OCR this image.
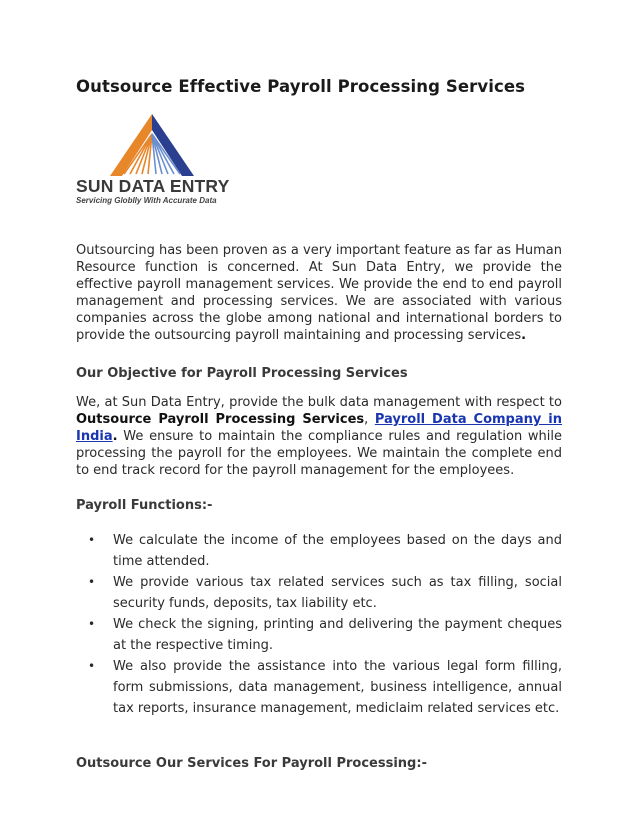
Outsource Effective Payroll Processing Services
SUN DATA ENTRY
Servicing Globlly With Accurate Data

Outsourcing has been proven as a very important feature as far as Human Resource function is concerned. At Sun Data Entry, we provide the effective payroll management services. We provide the end to end payroll management and processing services. We are associated with various companies across the globe among national and international borders to provide the outsourcing payroll maintaining and processing services.

Our Objective for Payroll Processing Services

We, at Sun Data Entry, provide the bulk data management with respect to Outsource Payroll Processing Services, Payroll Data Company in India. We ensure to maintain the compliance rules and regulation while processing the payroll for the employees. We maintain the complete end to end track record for the payroll management for the employees.

Payroll Functions:-
• We calculate the income of the employees based on the days and time attended.
• We provide various tax related services such as tax filling, social security funds, deposits, tax liability etc.
• We check the signing, printing and delivering the payment cheques at the respective timing.
• We also provide the assistance into the various legal form filling, form submissions, data management, business intelligence, annual tax reports, insurance management, mediclaim related services etc.
Outsource Our Services For Payroll Processing:-
